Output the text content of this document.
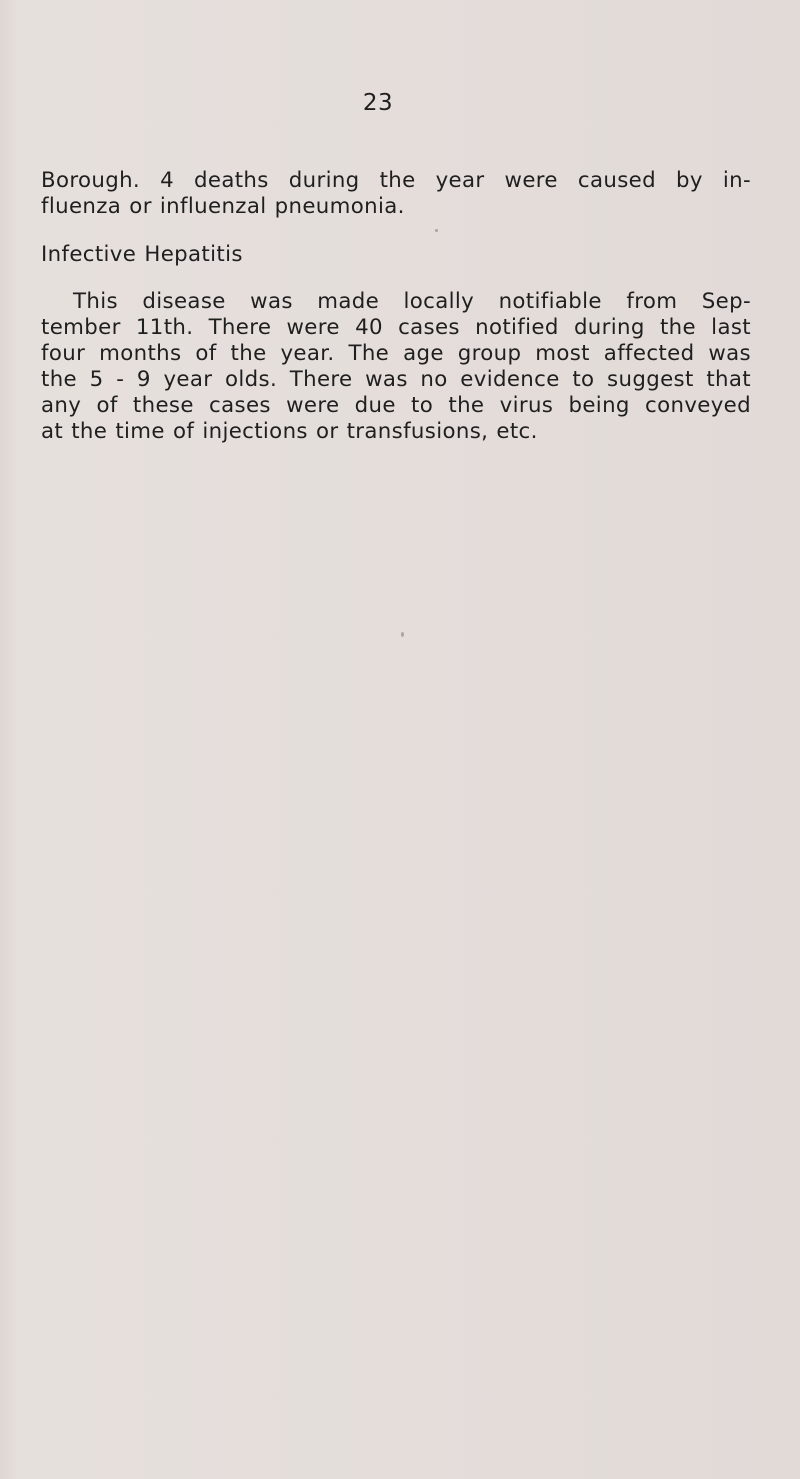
23
Borough. 4 deaths during the year were caused by in-
fluenza or influenzal pneumonia.
Infective Hepatitis
This disease was made locally notifiable from Sep-
tember 11th. There were 40 cases notified during the last
four months of the year. The age group most affected was
the 5 - 9 year olds. There was no evidence to suggest that
any of these cases were due to the virus being conveyed
at the time of injections or transfusions, etc.
